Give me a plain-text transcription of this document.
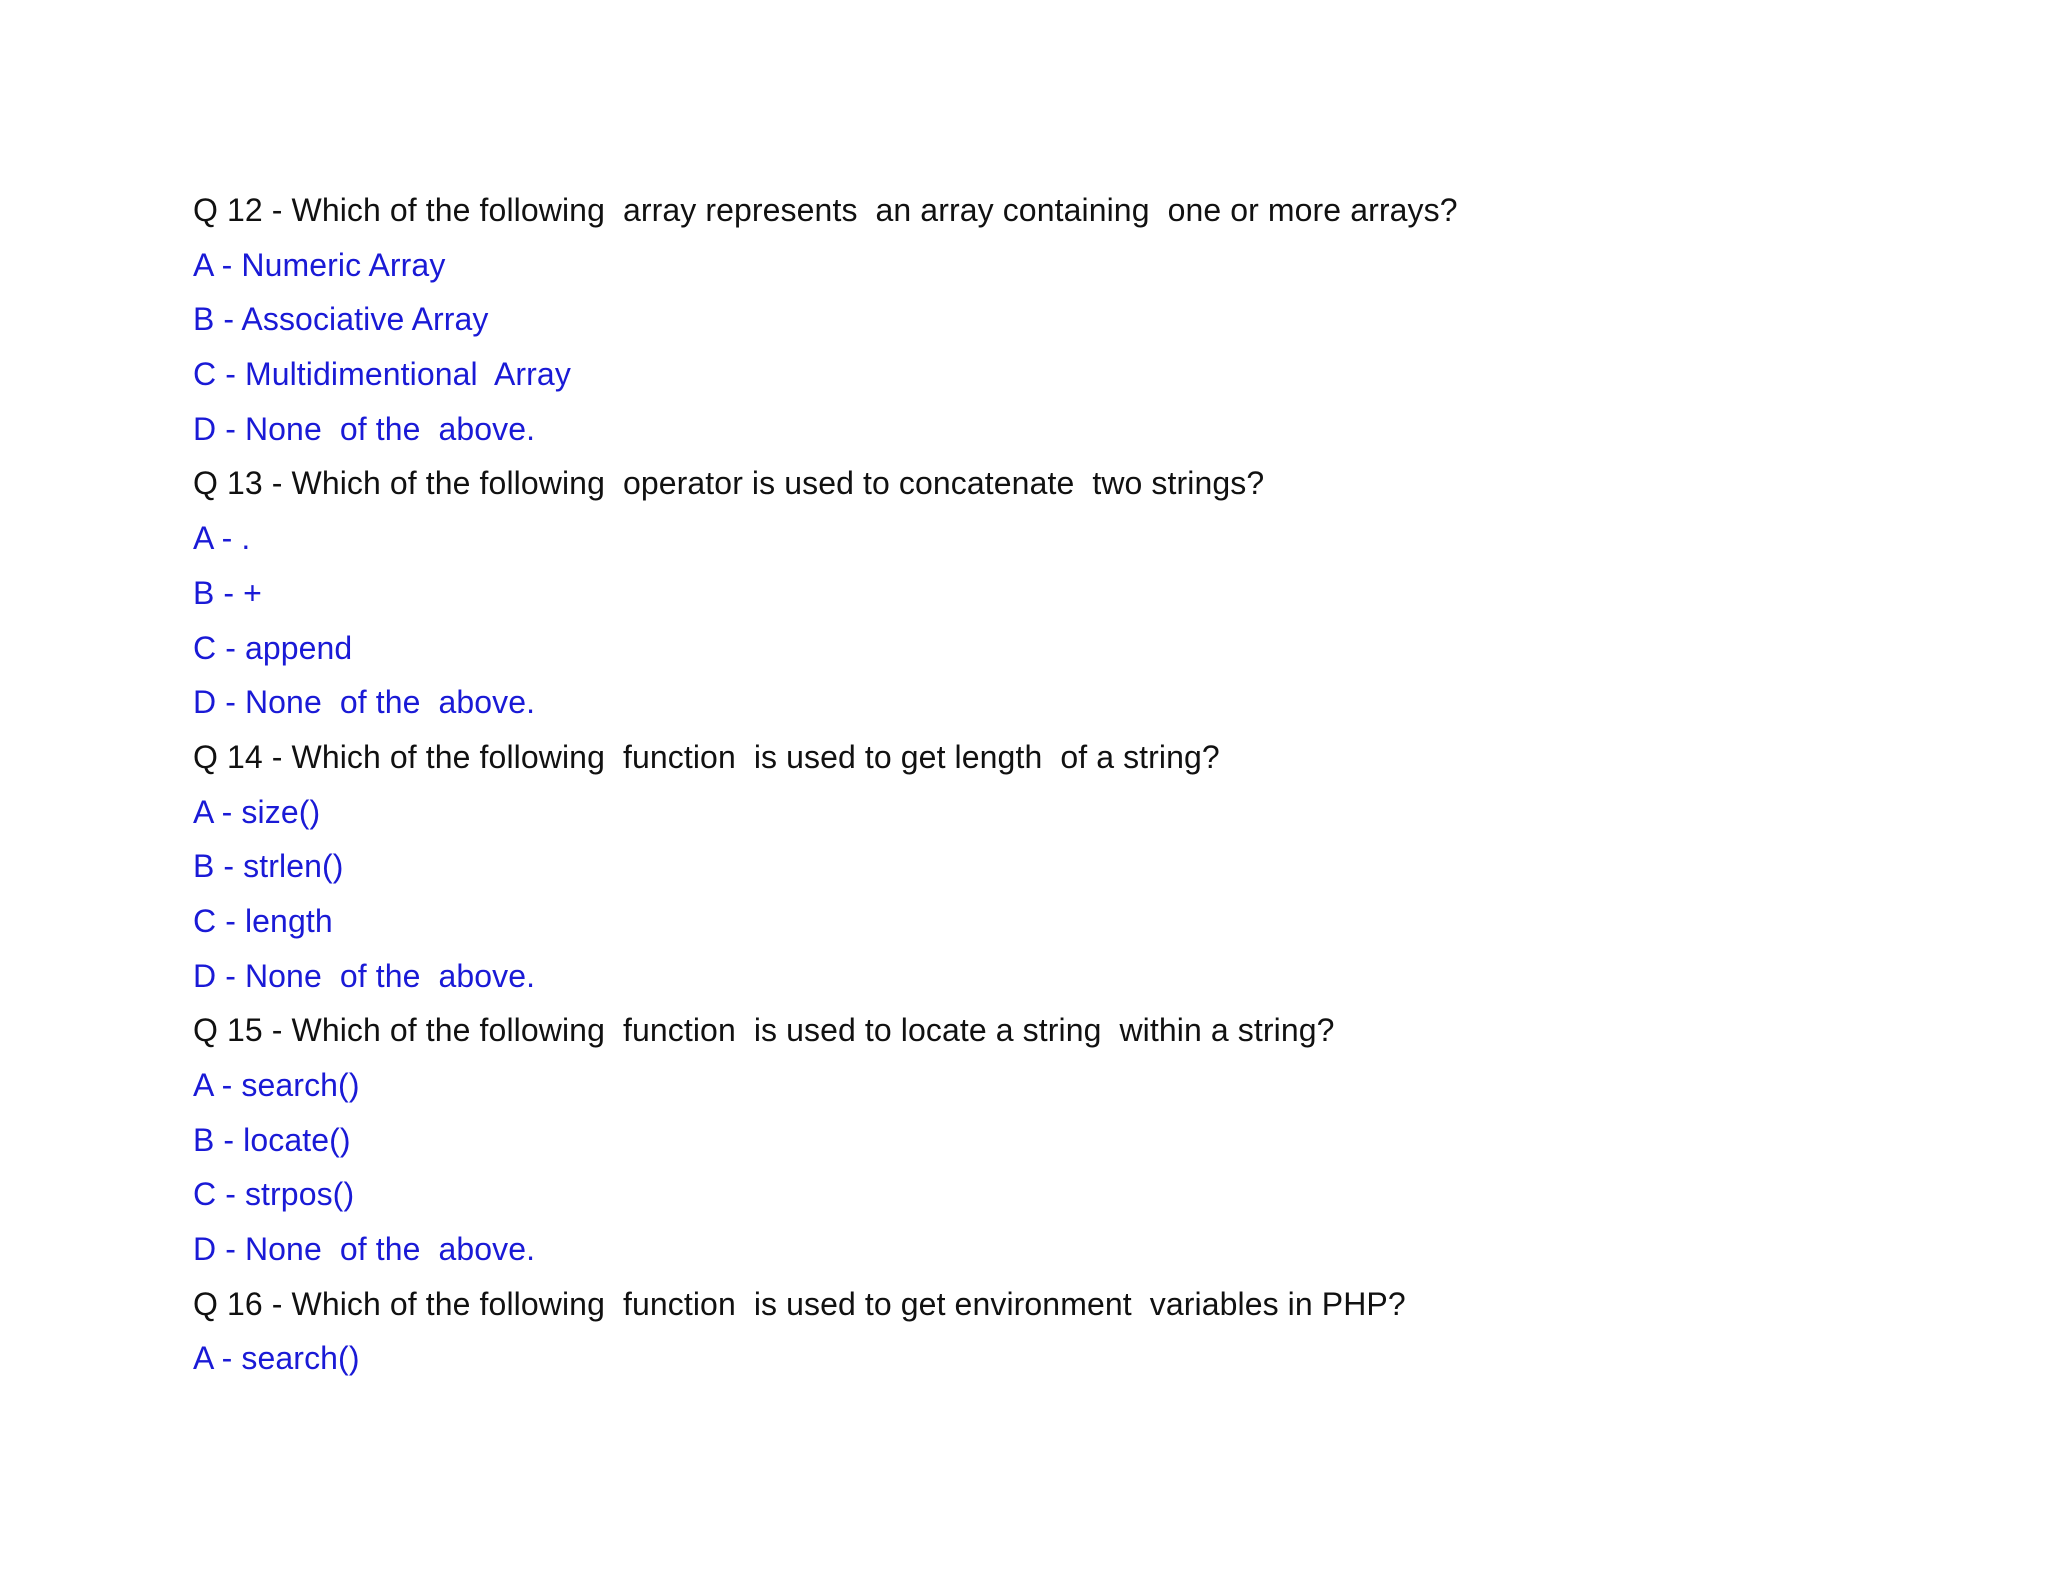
Q 12 - Which of the following  array represents  an array containing  one or more arrays?
A - Numeric Array
B - Associative Array
C - Multidimentional  Array
D - None  of the  above.
Q 13 - Which of the following  operator is used to concatenate  two strings?
A - .
B - +
C - append
D - None  of the  above.
Q 14 - Which of the following  function  is used to get length  of a string?
A - size()
B - strlen()
C - length
D - None  of the  above.
Q 15 - Which of the following  function  is used to locate a string  within a string?
A - search()
B - locate()
C - strpos()
D - None  of the  above.
Q 16 - Which of the following  function  is used to get environment  variables in PHP?
A - search()
